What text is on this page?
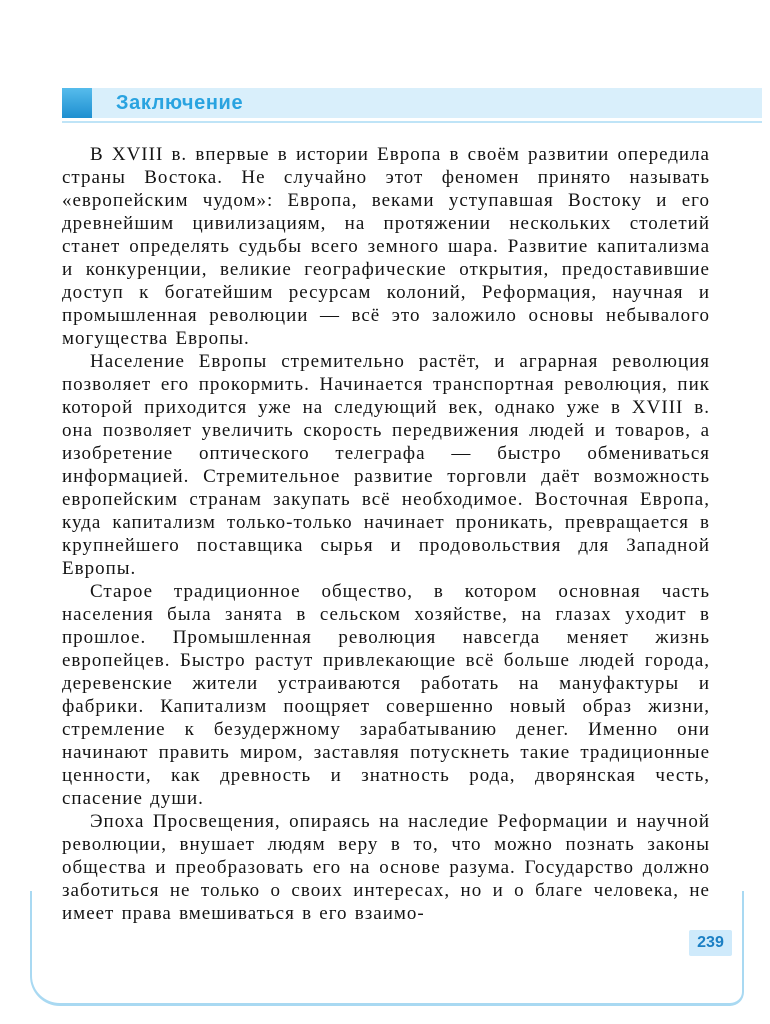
Заключение

В XVIII в. впервые в истории Европа в своём развитии опередила страны Востока. Не случайно этот феномен принято называть «европейским чудом»: Европа, веками уступавшая Востоку и его древнейшим цивилизациям, на протяжении нескольких столетий станет определять судьбы всего земного шара. Развитие капитализма и конкуренции, великие географические открытия, предоставившие доступ к богатейшим ресурсам колоний, Реформация, научная и промышленная революции — всё это заложило основы небывалого могущества Европы.

Население Европы стремительно растёт, и аграрная революция позволяет его прокормить. Начинается транспортная революция, пик которой приходится уже на следующий век, однако уже в XVIII в. она позволяет увеличить скорость передвижения людей и товаров, а изобретение оптического телеграфа — быстро обмениваться информацией. Стремительное развитие торговли даёт возможность европейским странам закупать всё необходимое. Восточная Европа, куда капитализм только-только начинает проникать, превращается в крупнейшего поставщика сырья и продовольствия для Западной Европы.

Старое традиционное общество, в котором основная часть населения была занята в сельском хозяйстве, на глазах уходит в прошлое. Промышленная революция навсегда меняет жизнь европейцев. Быстро растут привлекающие всё больше людей города, деревенские жители устраиваются работать на мануфактуры и фабрики. Капитализм поощряет совершенно новый образ жизни, стремление к безудержному зарабатыванию денег. Именно они начинают править миром, заставляя потускнеть такие традиционные ценности, как древность и знатность рода, дворянская честь, спасение души.

Эпоха Просвещения, опираясь на наследие Реформации и научной революции, внушает людям веру в то, что можно познать законы общества и преобразовать его на основе разума. Государство должно заботиться не только о своих интересах, но и о благе человека, не имеет права вмешиваться в его взаимо-

239
